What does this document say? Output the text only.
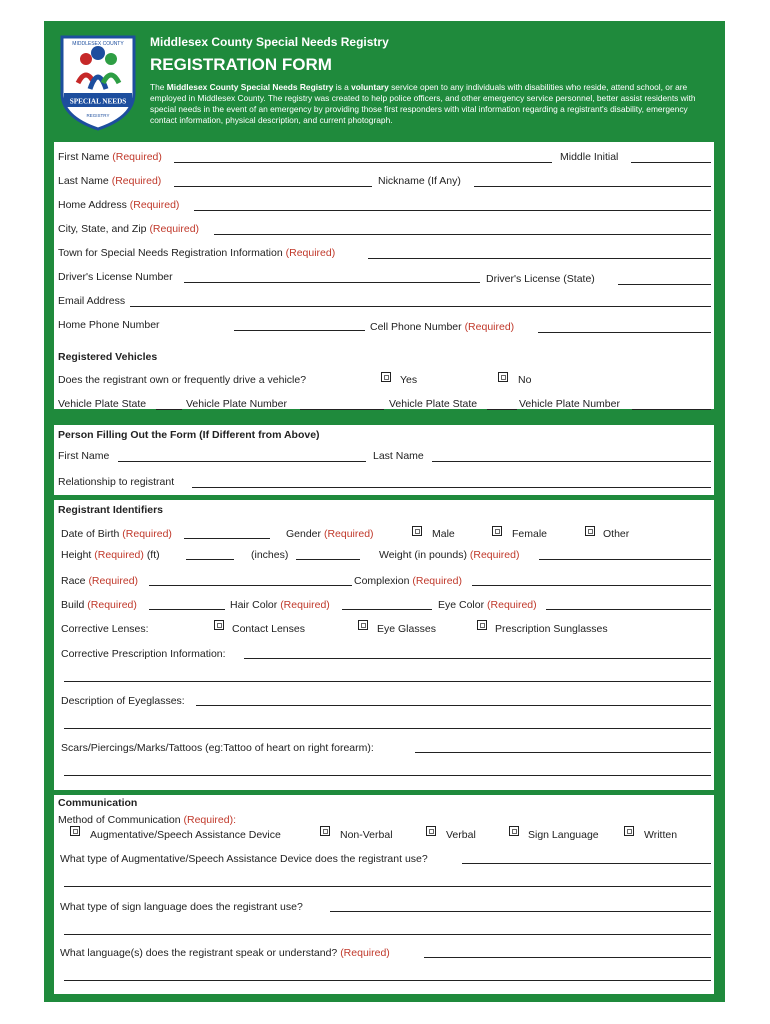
MIDDLESEX COUNTY
SPECIAL NEEDS
REGISTRY
Middlesex County Special Needs Registry
REGISTRATION FORM
The Middlesex County Special Needs Registry is a voluntary service open to any individuals with disabilities who reside, attend school, or are employed in Middlesex County. The registry was created to help police officers, and other emergency service personnel, better assist residents with special needs in the event of an emergency by providing those first responders with vital information regarding a registrant's disability, emergency contact information, physical description, and current photograph.
First Name (Required)	Middle Initial
Last Name (Required)	Nickname (If Any)
Home Address (Required)
City, State, and Zip (Required)
Town for Special Needs Registration Information (Required)
Driver's License Number	Driver's License (State)
Email Address
Home Phone Number	Cell Phone Number (Required)
Registered Vehicles
Does the registrant own or frequently drive a vehicle?	Yes	No
Vehicle Plate State	Vehicle Plate Number	Vehicle Plate State	Vehicle Plate Number
Person Filling Out the Form (If Different from Above)
First Name	Last Name
Relationship to registrant
Registrant Identifiers
Date of Birth (Required)	Gender (Required)	Male	Female	Other
Height (Required) (ft)	(inches)	Weight (in pounds) (Required)
Race (Required)	Complexion (Required)
Build (Required)	Hair Color (Required)	Eye Color (Required)
Corrective Lenses:	Contact Lenses	Eye Glasses	Prescription Sunglasses
Corrective Prescription Information:
Description of Eyeglasses:
Scars/Piercings/Marks/Tattoos (eg:Tattoo of heart on right forearm):
Communication
Method of Communication (Required):
Augmentative/Speech Assistance Device	Non-Verbal	Verbal	Sign Language	Written
What type of Augmentative/Speech Assistance Device does the registrant use?
What type of sign language does the registrant use?
What language(s) does the registrant speak or understand? (Required)
